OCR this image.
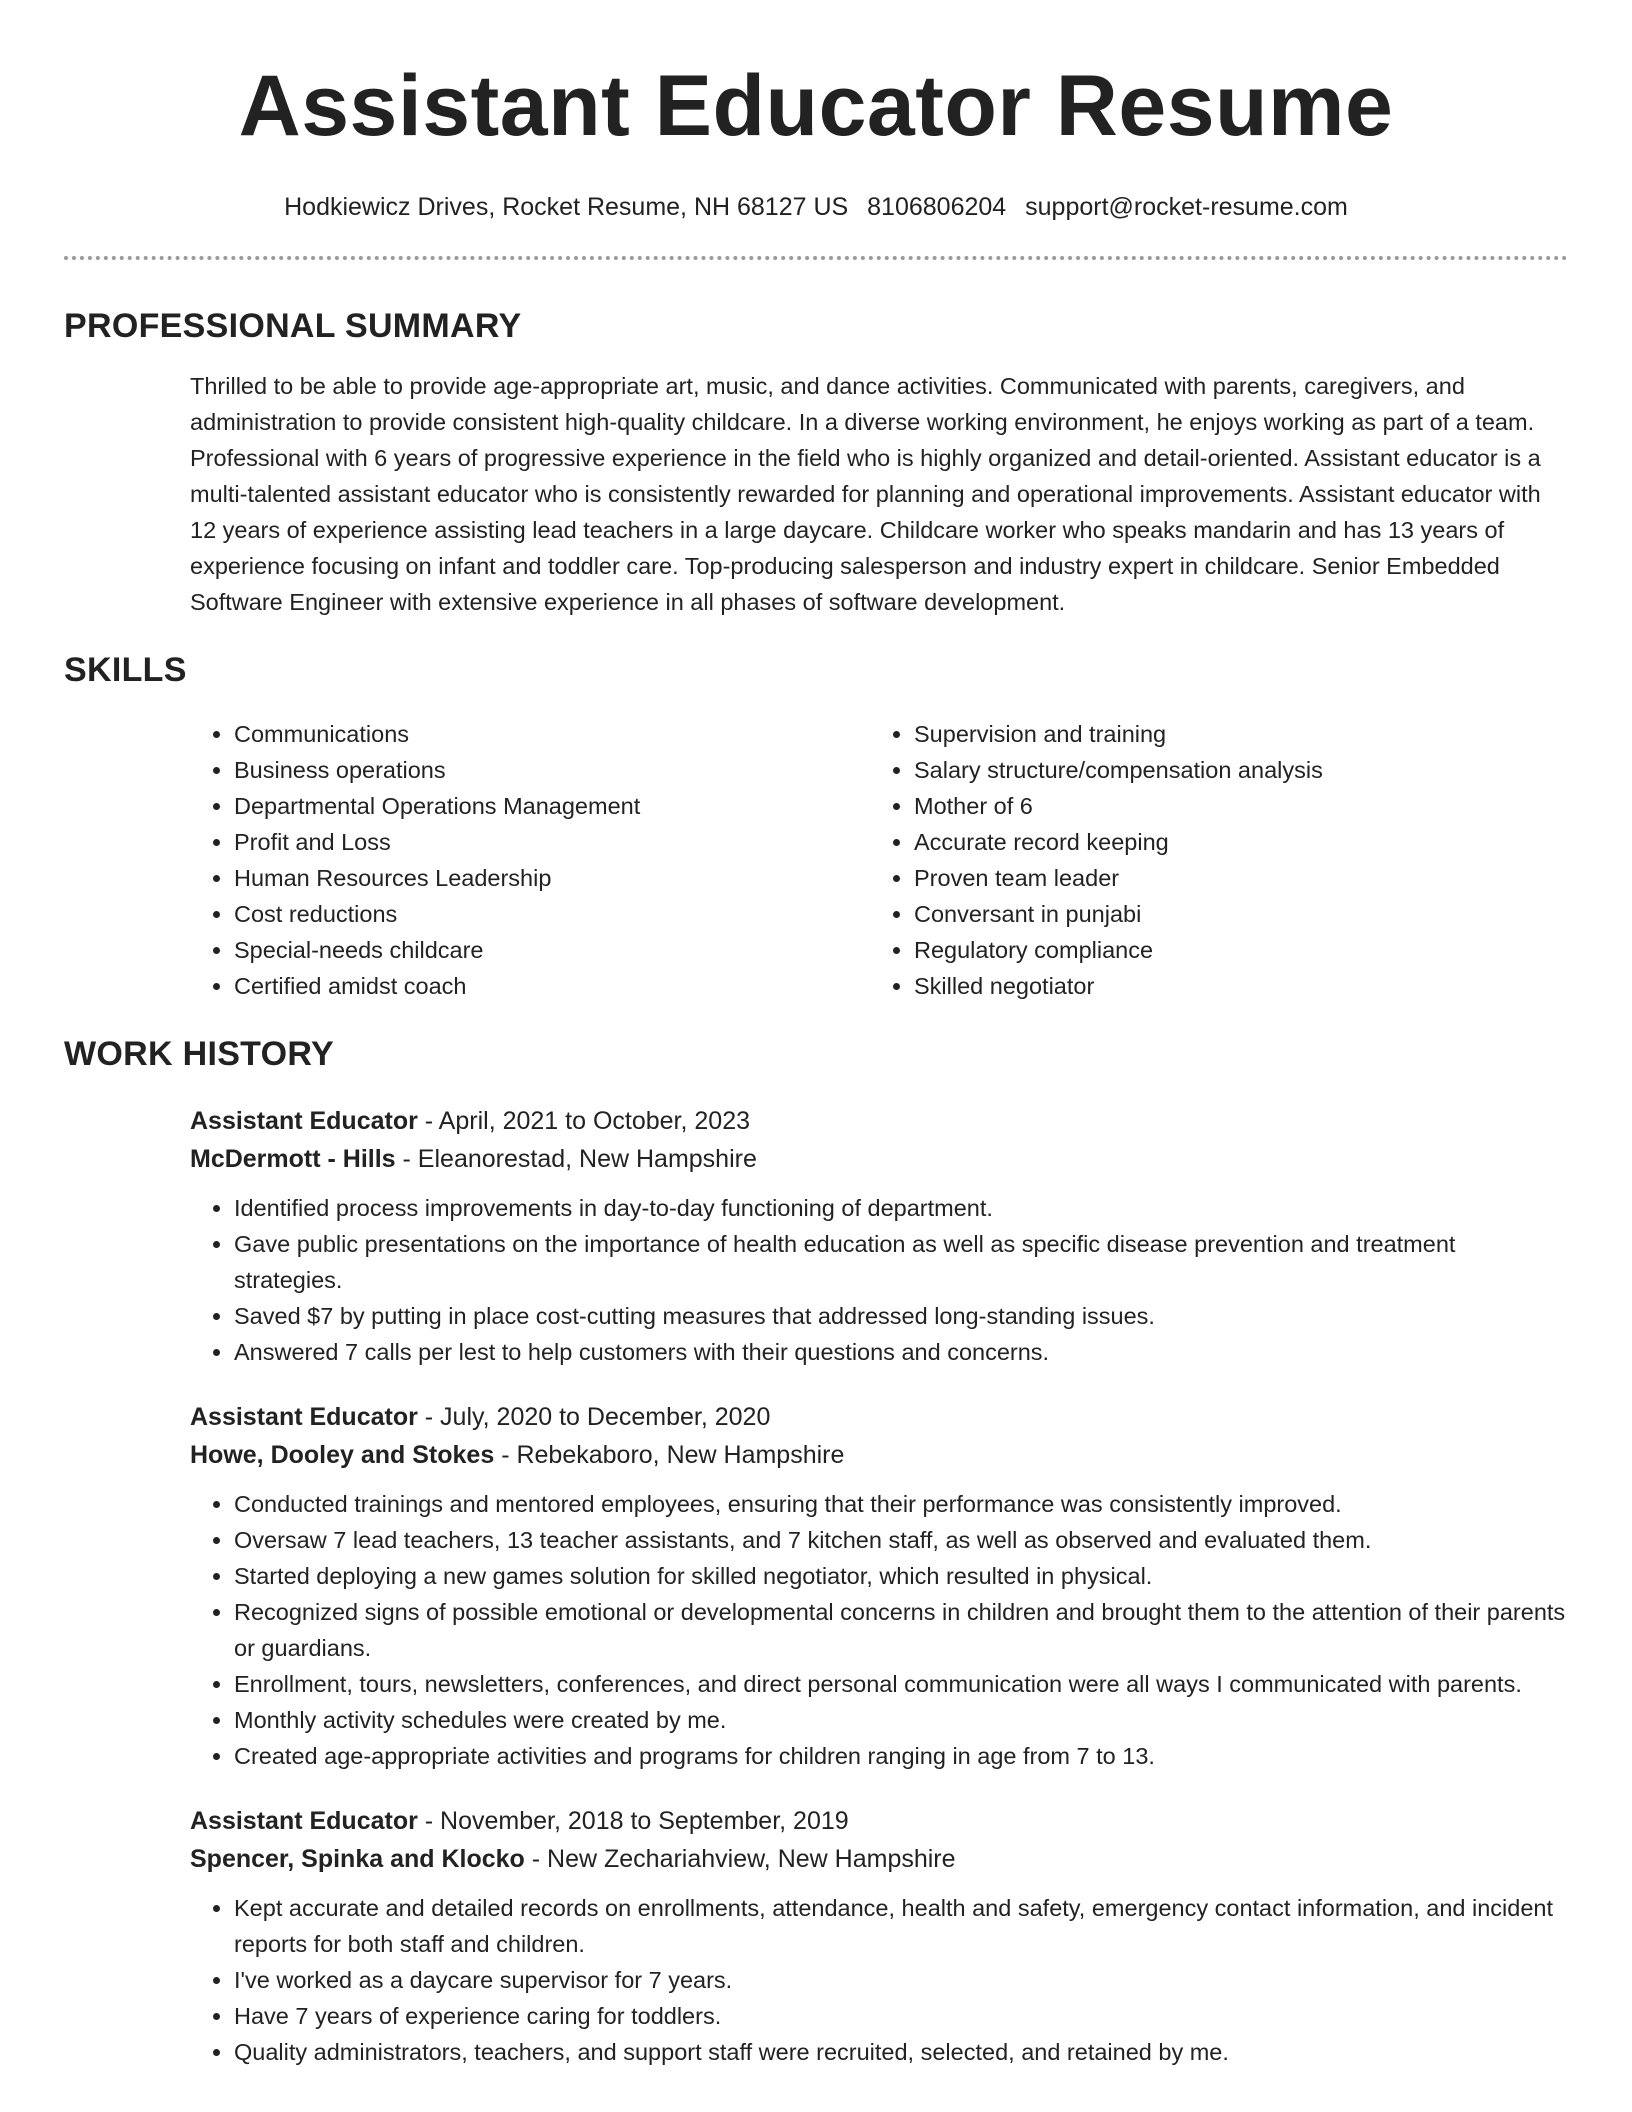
Assistant Educator Resume
Hodkiewicz Drives, Rocket Resume, NH 68127 US 8106806204 support@rocket-resume.com
PROFESSIONAL SUMMARY

Thrilled to be able to provide age-appropriate art, music, and dance activities. Communicated with parents, caregivers, and administration to provide consistent high-quality childcare. In a diverse working environment, he enjoys working as part of a team. Professional with 6 years of progressive experience in the field who is highly organized and detail-oriented. Assistant educator is a multi-talented assistant educator who is consistently rewarded for planning and operational improvements. Assistant educator with 12 years of experience assisting lead teachers in a large daycare. Childcare worker who speaks mandarin and has 13 years of experience focusing on infant and toddler care. Top-producing salesperson and industry expert in childcare. Senior Embedded Software Engineer with extensive experience in all phases of software development.

SKILLS
• Communications
• Business operations
• Departmental Operations Management
• Profit and Loss
• Human Resources Leadership
• Cost reductions
• Special-needs childcare
• Certified amidst coach
• Supervision and training
• Salary structure/compensation analysis
• Mother of 6
• Accurate record keeping
• Proven team leader
• Conversant in punjabi
• Regulatory compliance
• Skilled negotiator
WORK HISTORY
Assistant Educator - April, 2021 to October, 2023
McDermott - Hills - Eleanorestad, New Hampshire
• Identified process improvements in day-to-day functioning of department.
• Gave public presentations on the importance of health education as well as specific disease prevention and treatment strategies.
• Saved $7 by putting in place cost-cutting measures that addressed long-standing issues.
• Answered 7 calls per lest to help customers with their questions and concerns.
Assistant Educator - July, 2020 to December, 2020
Howe, Dooley and Stokes - Rebekaboro, New Hampshire
• Conducted trainings and mentored employees, ensuring that their performance was consistently improved.
• Oversaw 7 lead teachers, 13 teacher assistants, and 7 kitchen staff, as well as observed and evaluated them.
• Started deploying a new games solution for skilled negotiator, which resulted in physical.
• Recognized signs of possible emotional or developmental concerns in children and brought them to the attention of their parents or guardians.
• Enrollment, tours, newsletters, conferences, and direct personal communication were all ways I communicated with parents.
• Monthly activity schedules were created by me.
• Created age-appropriate activities and programs for children ranging in age from 7 to 13.
Assistant Educator - November, 2018 to September, 2019
Spencer, Spinka and Klocko - New Zechariahview, New Hampshire
• Kept accurate and detailed records on enrollments, attendance, health and safety, emergency contact information, and incident reports for both staff and children.
• I've worked as a daycare supervisor for 7 years.
• Have 7 years of experience caring for toddlers.
• Quality administrators, teachers, and support staff were recruited, selected, and retained by me.
